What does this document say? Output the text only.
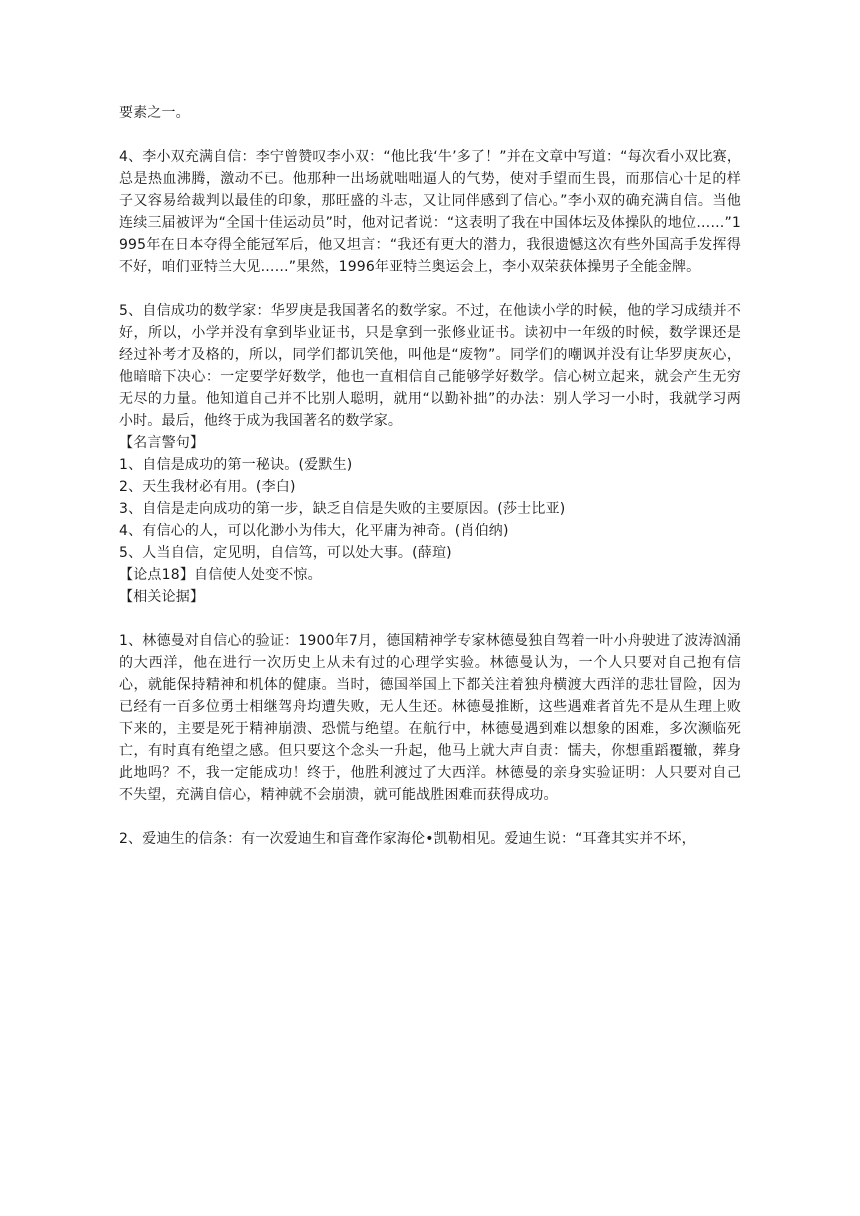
要素之一。

4、李小双充满自信：李宁曾赞叹李小双：“他比我‘牛’多了！”并在文章中写道：“每次看小双比赛，总是热血沸腾，激动不已。他那种一出场就咄咄逼人的气势，使对手望而生畏，而那信心十足的样子又容易给裁判以最佳的印象，那旺盛的斗志，又让同伴感到了信心。”李小双的确充满自信。当他连续三届被评为“全国十佳运动员”时，他对记者说：“这表明了我在中国体坛及体操队的地位……”1995年在日本夺得全能冠军后，他又坦言：“我还有更大的潜力，我很遗憾这次有些外国高手发挥得不好，咱们亚特兰大见……”果然，1996年亚特兰奥运会上，李小双荣获体操男子全能金牌。

5、自信成功的数学家：华罗庚是我国著名的数学家。不过，在他读小学的时候，他的学习成绩并不好，所以，小学并没有拿到毕业证书，只是拿到一张修业证书。读初中一年级的时候，数学课还是经过补考才及格的，所以，同学们都讥笑他，叫他是“废物”。同学们的嘲讽并没有让华罗庚灰心，他暗暗下决心：一定要学好数学，他也一直相信自己能够学好数学。信心树立起来，就会产生无穷无尽的力量。他知道自己并不比别人聪明，就用“以勤补拙”的办法：别人学习一小时，我就学习两小时。最后，他终于成为我国著名的数学家。

【名言警句】

1、自信是成功的第一秘诀。(爱默生)

2、天生我材必有用。(李白)

3、自信是走向成功的第一步，缺乏自信是失败的主要原因。(莎士比亚)

4、有信心的人，可以化渺小为伟大，化平庸为神奇。(肖伯纳)

5、人当自信，定见明，自信笃，可以处大事。(薛瑄)

【论点18】自信使人处变不惊。

【相关论据】

1、林德曼对自信心的验证：1900年7月，德国精神学专家林德曼独自驾着一叶小舟驶进了波涛汹涌的大西洋，他在进行一次历史上从未有过的心理学实验。林德曼认为，一个人只要对自己抱有信心，就能保持精神和机体的健康。当时，德国举国上下都关注着独舟横渡大西洋的悲壮冒险，因为已经有一百多位勇士相继驾舟均遭失败，无人生还。林德曼推断，这些遇难者首先不是从生理上败下来的，主要是死于精神崩溃、恐慌与绝望。在航行中，林德曼遇到难以想象的困难，多次濒临死亡，有时真有绝望之感。但只要这个念头一升起，他马上就大声自责：懦夫，你想重蹈覆辙，葬身此地吗？不，我一定能成功！终于，他胜利渡过了大西洋。林德曼的亲身实验证明：人只要对自己不失望，充满自信心，精神就不会崩溃，就可能战胜困难而获得成功。

2、爱迪生的信条：有一次爱迪生和盲聋作家海伦•凯勒相见。爱迪生说：“耳聋其实并不坏，
